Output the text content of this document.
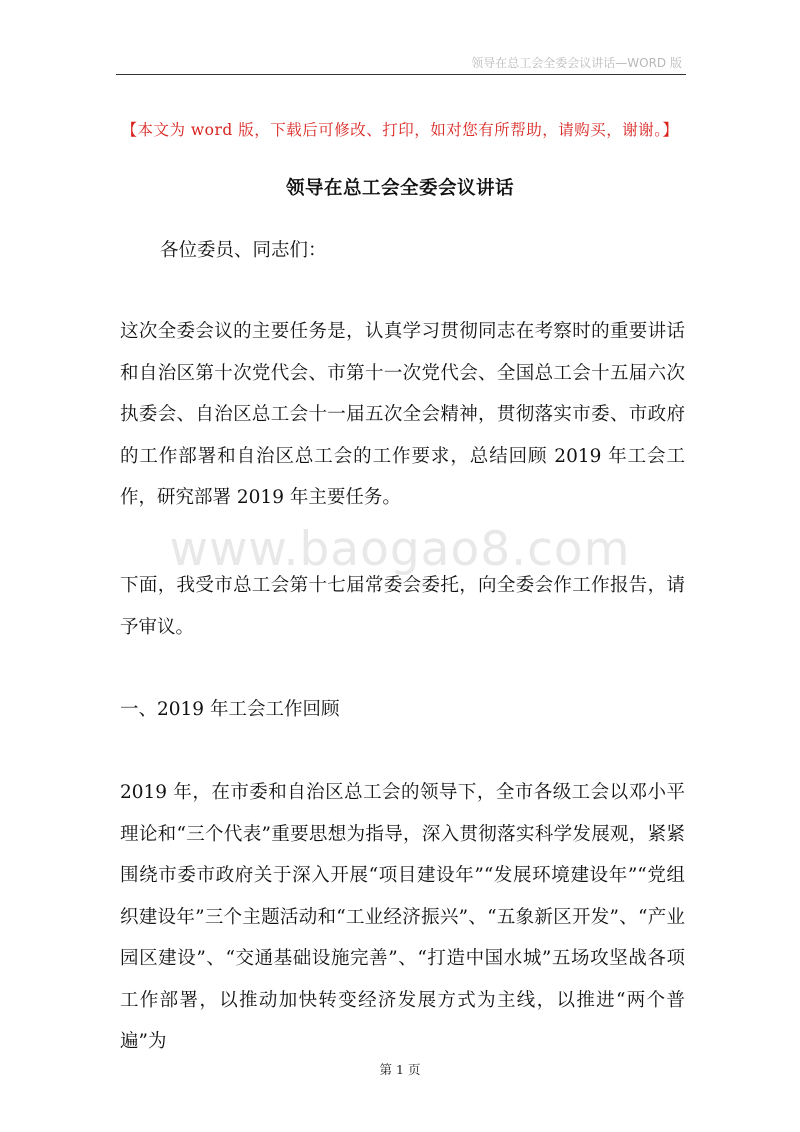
领导在总工会全委会议讲话—WORD 版
【本文为 word 版，下载后可修改、打印，如对您有所帮助，请购买，谢谢。】
领导在总工会全委会议讲话
各位委员、同志们：
这次全委会议的主要任务是，认真学习贯彻同志在考察时的重要讲话和自治区第十次党代会、市第十一次党代会、全国总工会十五届六次执委会、自治区总工会十一届五次全会精神，贯彻落实市委、市政府的工作部署和自治区总工会的工作要求，总结回顾 2019 年工会工作，研究部署 2019 年主要任务。
www.baogao8.com
下面，我受市总工会第十七届常委会委托，向全委会作工作报告，请予审议。
一、2019 年工会工作回顾
2019 年，在市委和自治区总工会的领导下，全市各级工会以邓小平理论和“三个代表”重要思想为指导，深入贯彻落实科学发展观，紧紧围绕市委市政府关于深入开展“项目建设年”“发展环境建设年”“党组织建设年”三个主题活动和“工业经济振兴”、“五象新区开发”、“产业园区建设”、“交通基础设施完善”、“打造中国水城”五场攻坚战各项工作部署，以推动加快转变经济发展方式为主线，以推进“两个普遍”为
第 1 页
